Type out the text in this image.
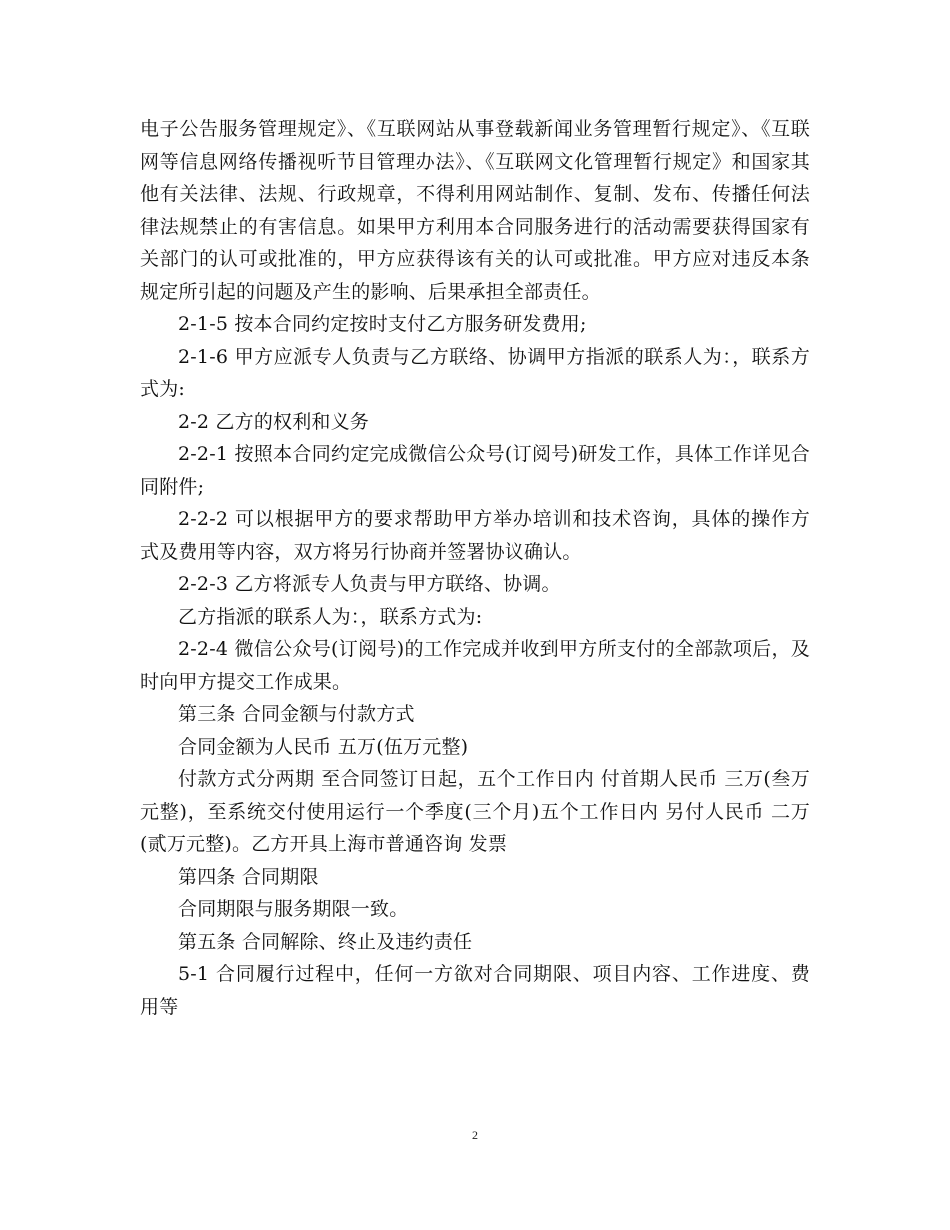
电子公告服务管理规定》、《互联网站从事登载新闻业务管理暂行规定》、《互联网等信息网络传播视听节目管理办法》、《互联网文化管理暂行规定》和国家其他有关法律、法规、行政规章，不得利用网站制作、复制、发布、传播任何法律法规禁止的有害信息。如果甲方利用本合同服务进行的活动需要获得国家有关部门的认可或批准的，甲方应获得该有关的认可或批准。甲方应对违反本条规定所引起的问题及产生的影响、后果承担全部责任。

2-1-5 按本合同约定按时支付乙方服务研发费用;

2-1-6 甲方应派专人负责与乙方联络、协调甲方指派的联系人为：，联系方式为:

2-2 乙方的权利和义务

2-2-1 按照本合同约定完成微信公众号(订阅号)研发工作，具体工作详见合同附件;

2-2-2 可以根据甲方的要求帮助甲方举办培训和技术咨询，具体的操作方式及费用等内容，双方将另行协商并签署协议确认。

2-2-3 乙方将派专人负责与甲方联络、协调。

乙方指派的联系人为：，联系方式为:

2-2-4 微信公众号(订阅号)的工作完成并收到甲方所支付的全部款项后，及时向甲方提交工作成果。

第三条 合同金额与付款方式

合同金额为人民币 五万(伍万元整)

付款方式分两期 至合同签订日起，五个工作日内 付首期人民币 三万(叁万元整)，至系统交付使用运行一个季度(三个月)五个工作日内 另付人民币 二万(贰万元整)。乙方开具上海市普通咨询 发票

第四条 合同期限

合同期限与服务期限一致。

第五条 合同解除、终止及违约责任

5-1 合同履行过程中，任何一方欲对合同期限、项目内容、工作进度、费用等

2
